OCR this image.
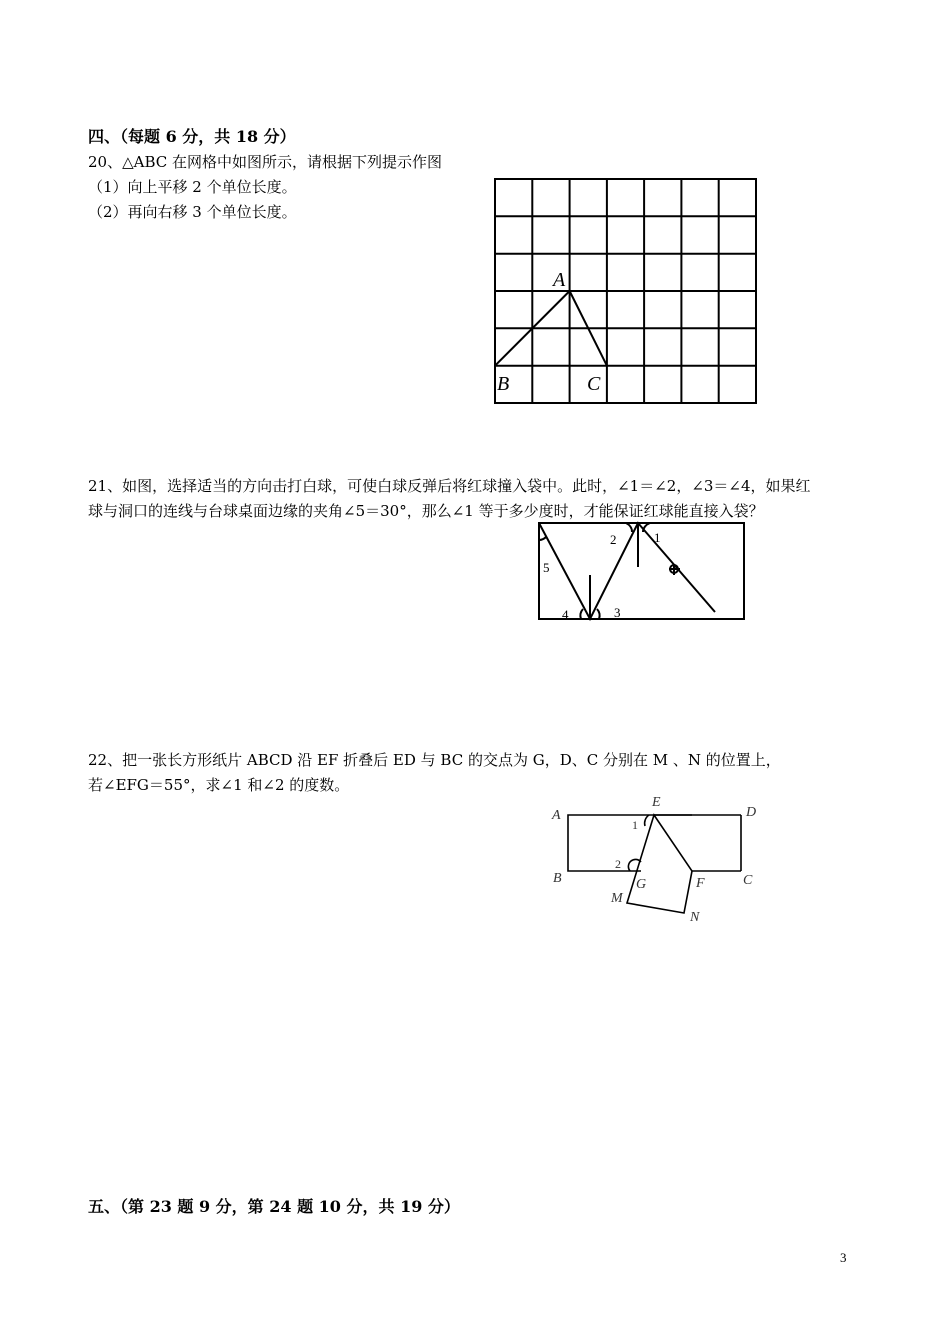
四、（每题 6 分，共 18 分）
20、△ABC 在网格中如图所示，请根据下列提示作图
（1）向上平移 2 个单位长度。
（2）再向右移 3 个单位长度。
A
B	C
21、如图，选择适当的方向击打白球，可使白球反弹后将红球撞入袋中。此时，∠1＝∠2，∠3＝∠4，如果红
球与洞口的连线与台球桌面边缘的夹角∠5＝30°，那么∠1 等于多少度时，才能保证红球能直接入袋？
1
2
3
4
5
22、把一张长方形纸片 ABCD 沿 EF 折叠后 ED 与 BC 的交点为 G，D、C 分别在 M 、N 的位置上，
若∠EFG＝55°，求∠1 和∠2 的度数。
A
B	C
D
E
F
G
M
N
1
2
五、（第 23 题 9 分，第 24 题 10 分，共 19 分）
3
